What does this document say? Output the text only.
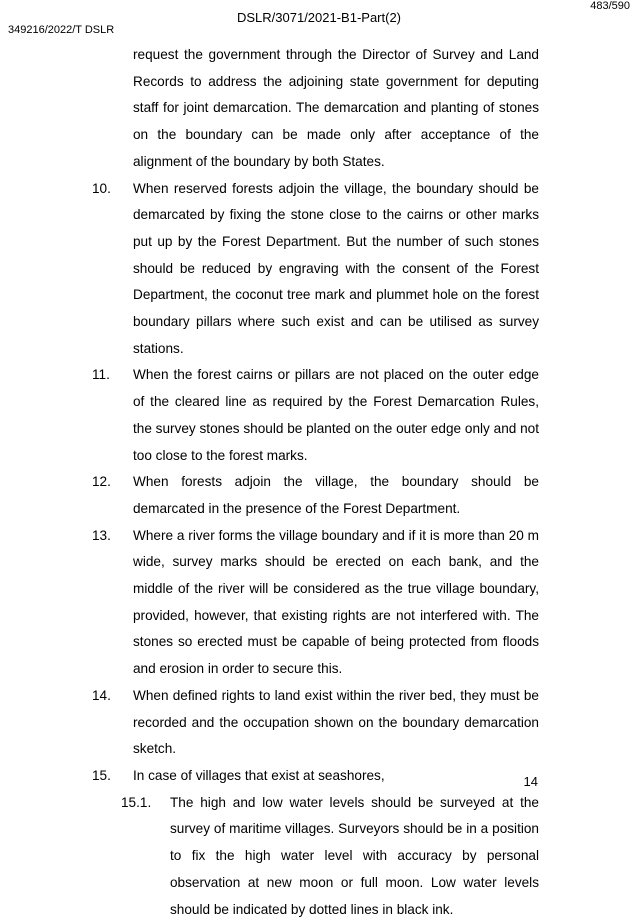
483/590
DSLR/3071/2021-B1-Part(2)
349216/2022/T DSLR
request the government through the Director of Survey and Land Records to address the adjoining state government for deputing staff for joint demarcation. The demarcation and planting of stones on the boundary can be made only after acceptance of the alignment of the boundary by both States.
10. When reserved forests adjoin the village, the boundary should be demarcated by fixing the stone close to the cairns or other marks put up by the Forest Department. But the number of such stones should be reduced by engraving with the consent of the Forest Department, the coconut tree mark and plummet hole on the forest boundary pillars where such exist and can be utilised as survey stations.
11. When the forest cairns or pillars are not placed on the outer edge of the cleared line as required by the Forest Demarcation Rules, the survey stones should be planted on the outer edge only and not too close to the forest marks.
12. When forests adjoin the village, the boundary should be demarcated in the presence of the Forest Department.
13. Where a river forms the village boundary and if it is more than 20 m wide, survey marks should be erected on each bank, and the middle of the river will be considered as the true village boundary, provided, however, that existing rights are not interfered with. The stones so erected must be capable of being protected from floods and erosion in order to secure this.
14. When defined rights to land exist within the river bed, they must be recorded and the occupation shown on the boundary demarcation sketch.
15. In case of villages that exist at seashores,
15.1. The high and low water levels should be surveyed at the survey of maritime villages. Surveyors should be in a position to fix the high water level with accuracy by personal observation at new moon or full moon. Low water levels should be indicated by dotted lines in black ink.
14
